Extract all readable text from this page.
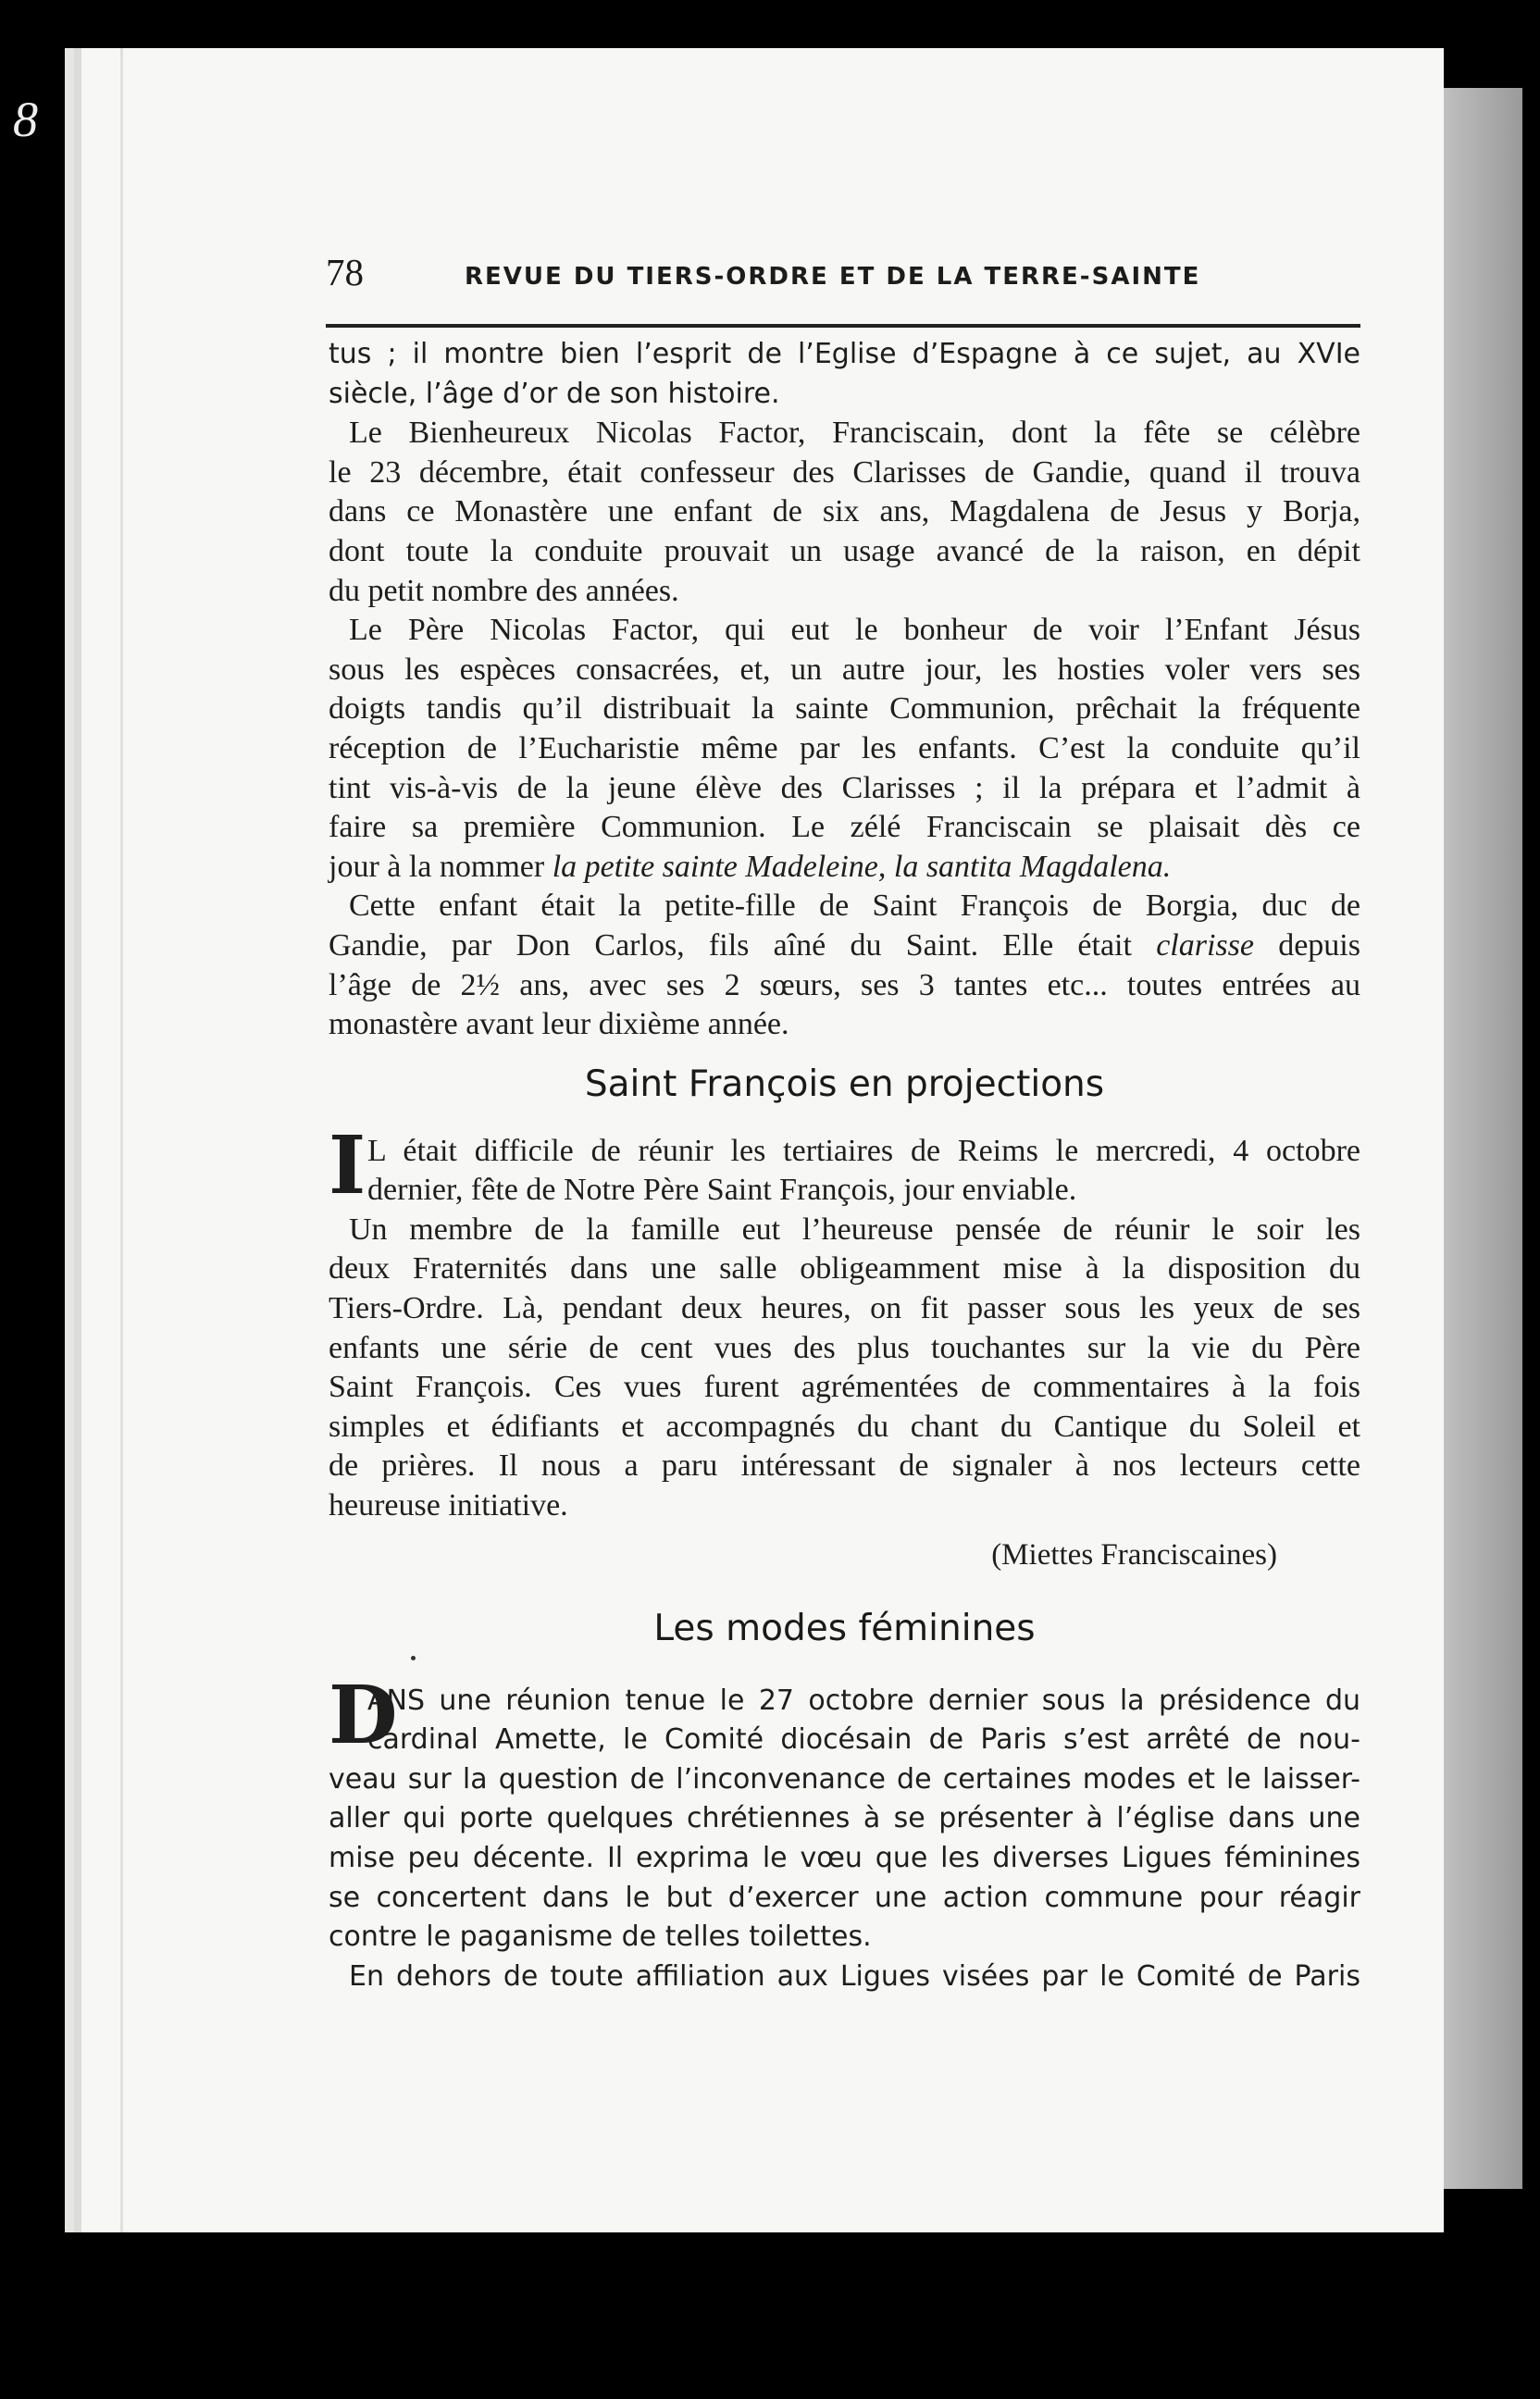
8
78	REVUE DU TIERS-ORDRE ET DE LA TERRE-SAINTE
tus ; il montre bien l’esprit de l’Eglise d’Espagne à ce sujet, au XVIe
siècle, l’âge d’or de son histoire.
Le Bienheureux Nicolas Factor, Franciscain, dont la fête se célèbre
le 23 décembre, était confesseur des Clarisses de Gandie, quand il trouva
dans ce Monastère une enfant de six ans, Magdalena de Jesus y Borja,
dont toute la conduite prouvait un usage avancé de la raison, en dépit
du petit nombre des années.
Le Père Nicolas Factor, qui eut le bonheur de voir l’Enfant Jésus
sous les espèces consacrées, et, un autre jour, les hosties voler vers ses
doigts tandis qu’il distribuait la sainte Communion, prêchait la fréquente
réception de l’Eucharistie même par les enfants. C’est la conduite qu’il
tint vis-à-vis de la jeune élève des Clarisses ; il la prépara et l’admit à
faire sa première Communion. Le zélé Franciscain se plaisait dès ce
jour à la nommer la petite sainte Madeleine, la santita Magdalena.
Cette enfant était la petite-fille de Saint François de Borgia, duc de
Gandie, par Don Carlos, fils aîné du Saint. Elle était clarisse depuis
l’âge de 2½ ans, avec ses 2 sœurs, ses 3 tantes etc... toutes entrées au
monastère avant leur dixième année.
Saint François en projections
I L était difficile de réunir les tertiaires de Reims le mercredi, 4 octobre
dernier, fête de Notre Père Saint François, jour enviable.
Un membre de la famille eut l’heureuse pensée de réunir le soir les
deux Fraternités dans une salle obligeamment mise à la disposition du
Tiers-Ordre. Là, pendant deux heures, on fit passer sous les yeux de ses
enfants une série de cent vues des plus touchantes sur la vie du Père
Saint François. Ces vues furent agrémentées de commentaires à la fois
simples et édifiants et accompagnés du chant du Cantique du Soleil et
de prières. Il nous a paru intéressant de signaler à nos lecteurs cette
heureuse initiative.
(Miettes Franciscaines)
Les modes féminines
D
ANS une réunion tenue le 27 octobre dernier sous la présidence du
cardinal Amette, le Comité diocésain de Paris s’est arrêté de nou-
veau sur la question de l’inconvenance de certaines modes et le laisser-
aller qui porte quelques chrétiennes à se présenter à l’église dans une
mise peu décente. Il exprima le vœu que les diverses Ligues féminines
se concertent dans le but d’exercer une action commune pour réagir
contre le paganisme de telles toilettes.
En dehors de toute affiliation aux Ligues visées par le Comité de Paris
